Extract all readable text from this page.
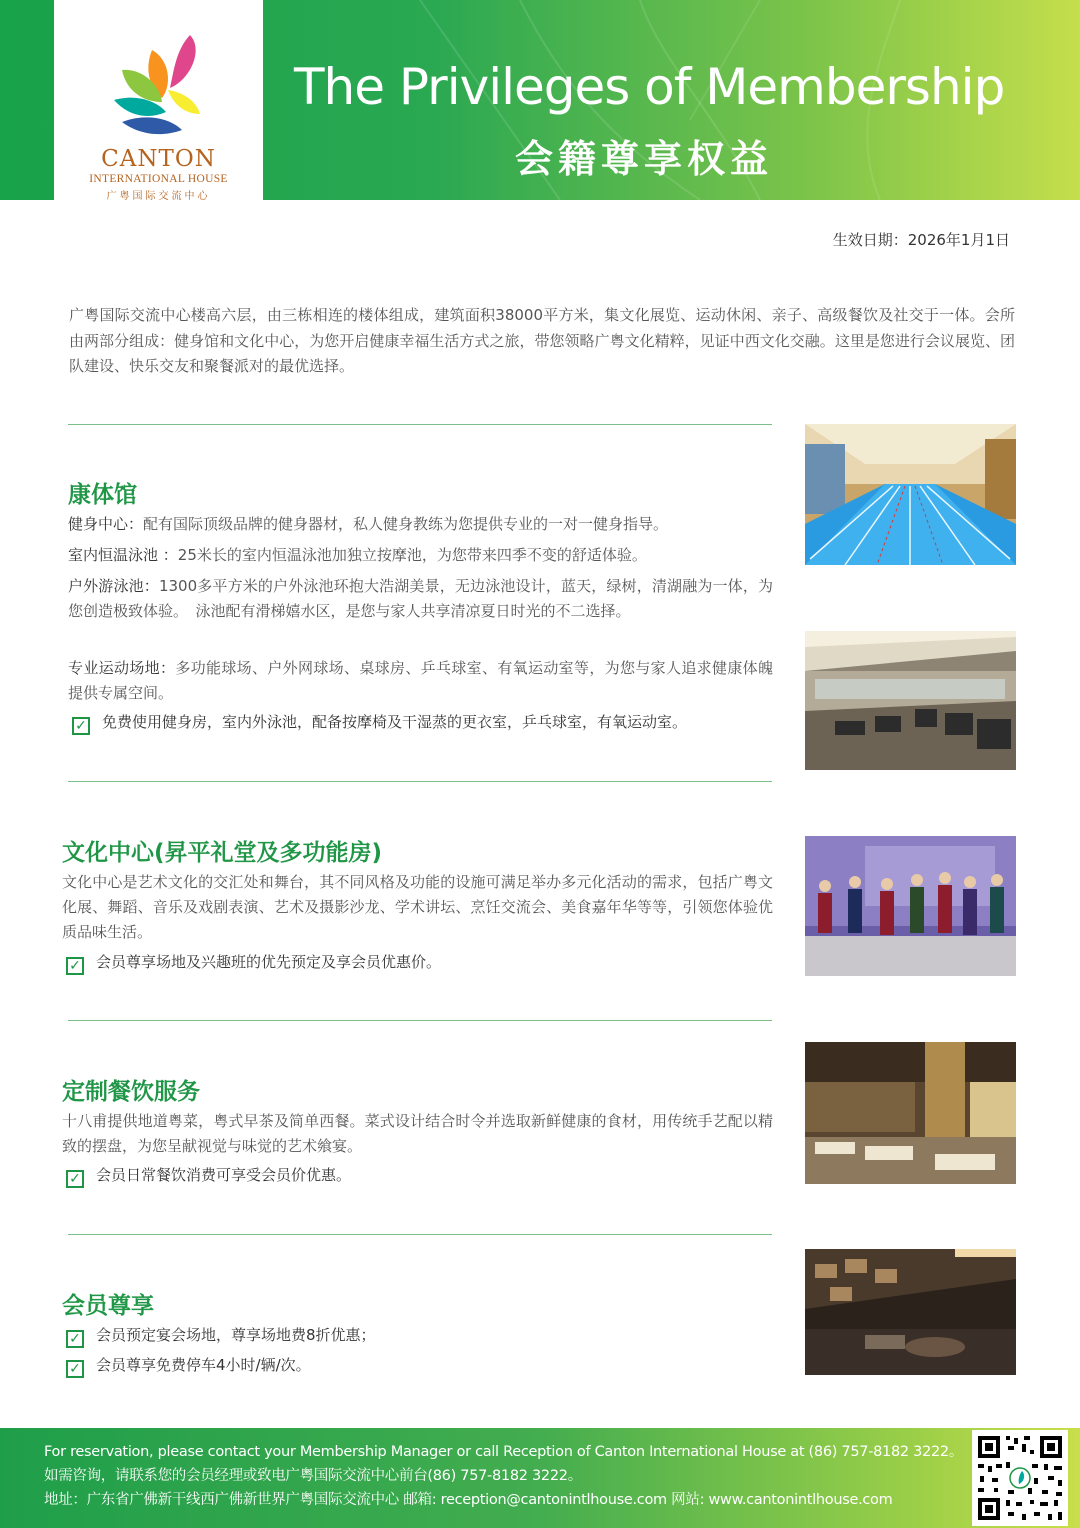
CANTON
INTERNATIONAL HOUSE
广粤国际交流中心
The Privileges of Membership
会籍尊享权益
生效日期：2026年1月1日
广粤国际交流中心楼高六层，由三栋相连的楼体组成，建筑面积38000平方米，集文化展览、运动休闲、亲子、高级餐饮及社交于一体。会所由两部分组成：健身馆和文化中心，为您开启健康幸福生活方式之旅，带您领略广粤文化精粹，见证中西文化交融。这里是您进行会议展览、团队建设、快乐交友和聚餐派对的最优选择。
康体馆
健身中心：配有国际顶级品牌的健身器材，私人健身教练为您提供专业的一对一健身指导。
室内恒温泳池 ：25米长的室内恒温泳池加独立按摩池，为您带来四季不变的舒适体验。
户外游泳池：1300多平方米的户外泳池环抱大浩湖美景，无边泳池设计，蓝天，绿树，清湖融为一体，为您创造极致体验。　泳池配有滑梯嬉水区，是您与家人共享清凉夏日时光的不二选择。
专业运动场地：多功能球场、户外网球场、桌球房、乒乓球室、有氧运动室等，为您与家人追求健康体魄提供专属空间。
✓ 免费使用健身房，室内外泳池，配备按摩椅及干湿蒸的更衣室，乒乓球室，有氧运动室。
文化中心(昇平礼堂及多功能房)
文化中心是艺术文化的交汇处和舞台，其不同风格及功能的设施可满足举办多元化活动的需求，包括广粤文化展、舞蹈、音乐及戏剧表演、艺术及摄影沙龙、学术讲坛、烹饪交流会、美食嘉年华等等，引领您体验优质品味生活。
✓ 会员尊享场地及兴趣班的优先预定及享会员优惠价。
定制餐饮服务
十八甫提供地道粤菜，粤式早茶及简单西餐。菜式设计结合时令并选取新鲜健康的食材，用传统手艺配以精致的摆盘，为您呈献视觉与味觉的艺术飨宴。
✓ 会员日常餐饮消费可享受会员价优惠。
会员尊享
✓ 会员预定宴会场地，尊享场地费8折优惠；
✓ 会员尊享免费停车4小时/辆/次。
For reservation, please contact your Membership Manager or call Reception of Canton International House at (86) 757-8182 3222。
如需咨询，请联系您的会员经理或致电广粤国际交流中心前台(86) 757-8182 3222。
地址：广东省广佛新干线西广佛新世界广粤国际交流中心 邮箱: reception@cantonintlhouse.com 网站: www.cantonintlhouse.com
